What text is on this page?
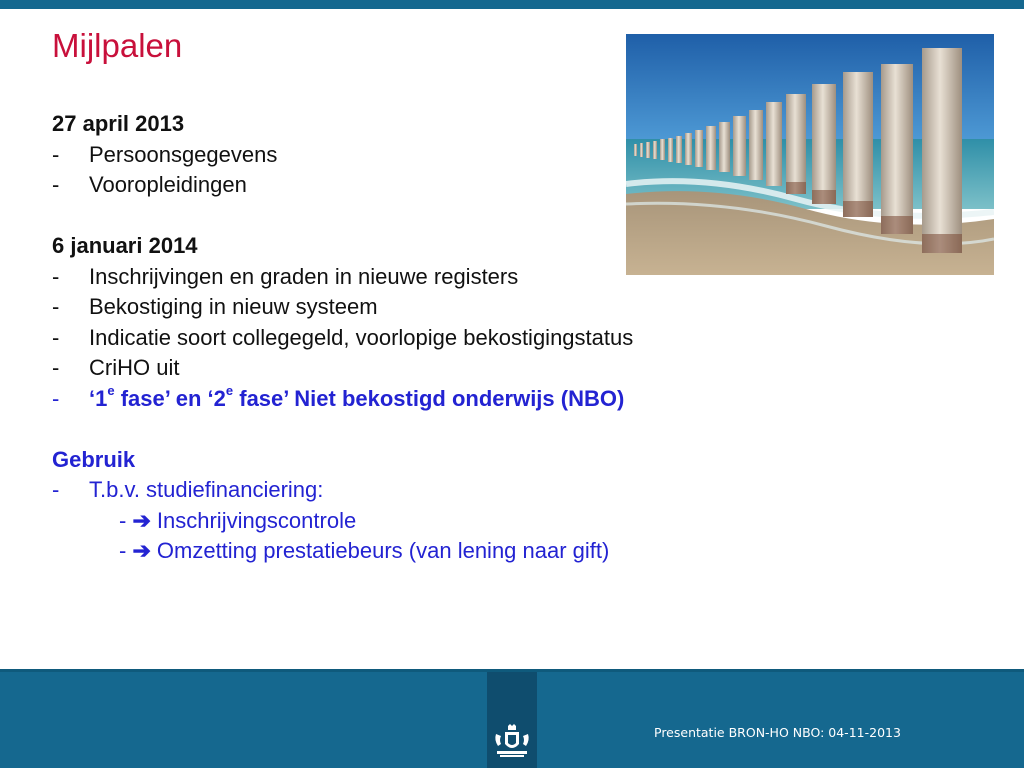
Mijlpalen
27 april 2013
- Persoonsgegevens
- Vooropleidingen
6 januari 2014
- Inschrijvingen en graden in nieuwe registers
- Bekostiging in nieuw systeem
- Indicatie soort collegegeld, voorlopige bekostigingstatus
- CriHO uit
- ‘1e fase’ en ‘2e fase’ Niet bekostigd onderwijs (NBO)
Gebruik
- T.b.v. studiefinanciering:
- ➔ Inschrijvingscontrole
- ➔ Omzetting prestatiebeurs (van lening naar gift)
Presentatie BRON-HO NBO: 04-11-2013
